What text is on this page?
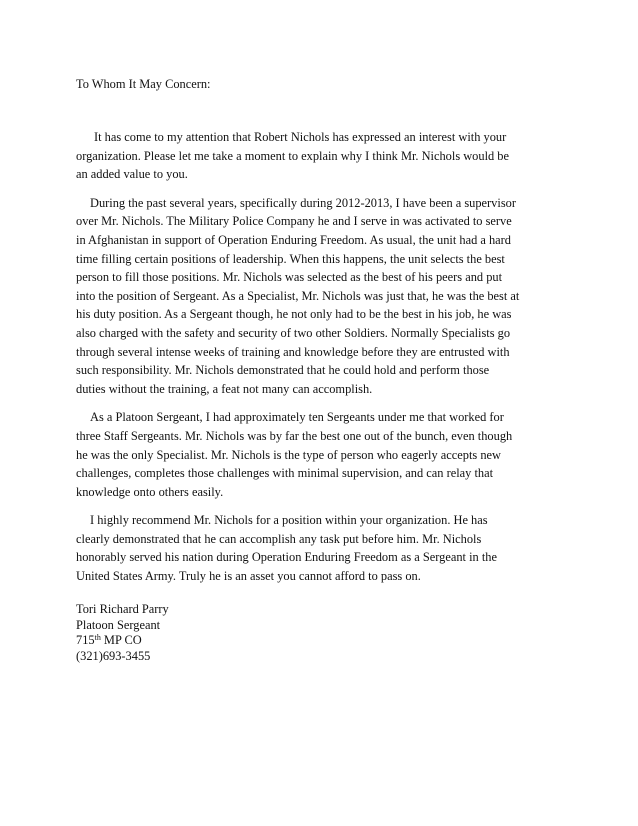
To Whom It May Concern:

It has come to my attention that Robert Nichols has expressed an interest with your
organization. Please let me take a moment to explain why I think Mr. Nichols would be
an added value to you.

During the past several years, specifically during 2012-2013, I have been a supervisor
over Mr. Nichols. The Military Police Company he and I serve in was activated to serve
in Afghanistan in support of Operation Enduring Freedom. As usual, the unit had a hard
time filling certain positions of leadership. When this happens, the unit selects the best
person to fill those positions. Mr. Nichols was selected as the best of his peers and put
into the position of Sergeant. As a Specialist, Mr. Nichols was just that, he was the best at
his duty position. As a Sergeant though, he not only had to be the best in his job, he was
also charged with the safety and security of two other Soldiers. Normally Specialists go
through several intense weeks of training and knowledge before they are entrusted with
such responsibility. Mr. Nichols demonstrated that he could hold and perform those
duties without the training, a feat not many can accomplish.

As a Platoon Sergeant, I had approximately ten Sergeants under me that worked for
three Staff Sergeants. Mr. Nichols was by far the best one out of the bunch, even though
he was the only Specialist. Mr. Nichols is the type of person who eagerly accepts new
challenges, completes those challenges with minimal supervision, and can relay that
knowledge onto others easily.

I highly recommend Mr. Nichols for a position within your organization. He has
clearly demonstrated that he can accomplish any task put before him. Mr. Nichols
honorably served his nation during Operation Enduring Freedom as a Sergeant in the
United States Army. Truly he is an asset you cannot afford to pass on.

Tori Richard Parry
Platoon Sergeant
715th MP CO
(321)693-3455
